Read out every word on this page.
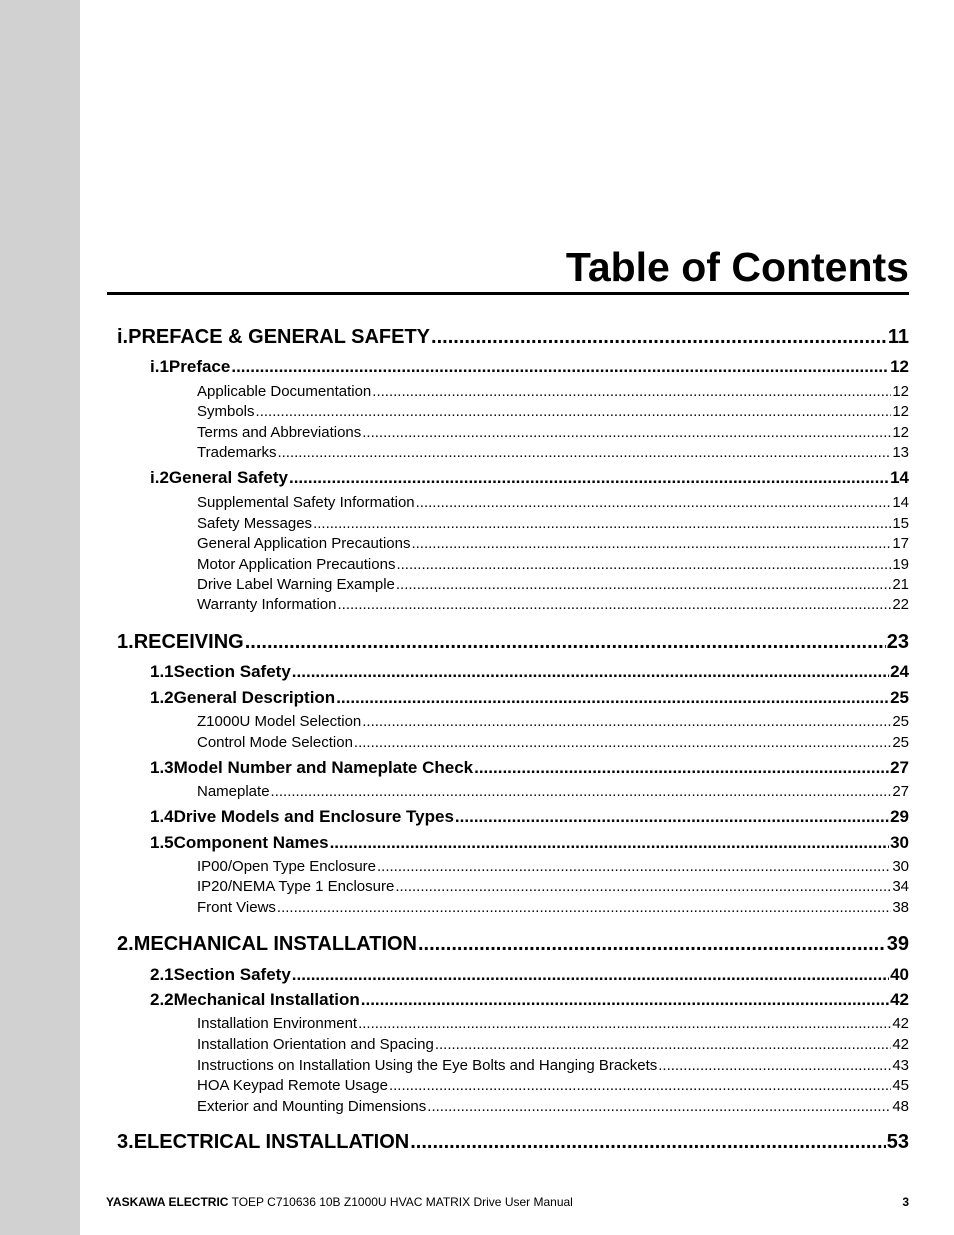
Table of Contents
i. PREFACE & GENERAL SAFETY .....	11
i.1 Preface .....	12
Applicable Documentation .....	12
Symbols .....	12
Terms and Abbreviations .....	12
Trademarks .....	13
i.2 General Safety .....	14
Supplemental Safety Information .....	14
Safety Messages .....	15
General Application Precautions .....	17
Motor Application Precautions .....	19
Drive Label Warning Example .....	21
Warranty Information .....	22
1. RECEIVING .....	23
1.1 Section Safety .....	24
1.2 General Description .....	25
Z1000U Model Selection .....	25
Control Mode Selection .....	25
1.3 Model Number and Nameplate Check .....	27
Nameplate .....	27
1.4 Drive Models and Enclosure Types .....	29
1.5 Component Names .....	30
IP00/Open Type Enclosure .....	30
IP20/NEMA Type 1 Enclosure .....	34
Front Views .....	38
2. MECHANICAL INSTALLATION .....	39
2.1 Section Safety .....	40
2.2 Mechanical Installation .....	42
Installation Environment .....	42
Installation Orientation and Spacing .....	42
Instructions on Installation Using the Eye Bolts and Hanging Brackets .....	43
HOA Keypad Remote Usage .....	45
Exterior and Mounting Dimensions .....	48
3. ELECTRICAL INSTALLATION .....	53
YASKAWA ELECTRIC TOEP C710636 10B Z1000U HVAC MATRIX Drive User Manual	3
